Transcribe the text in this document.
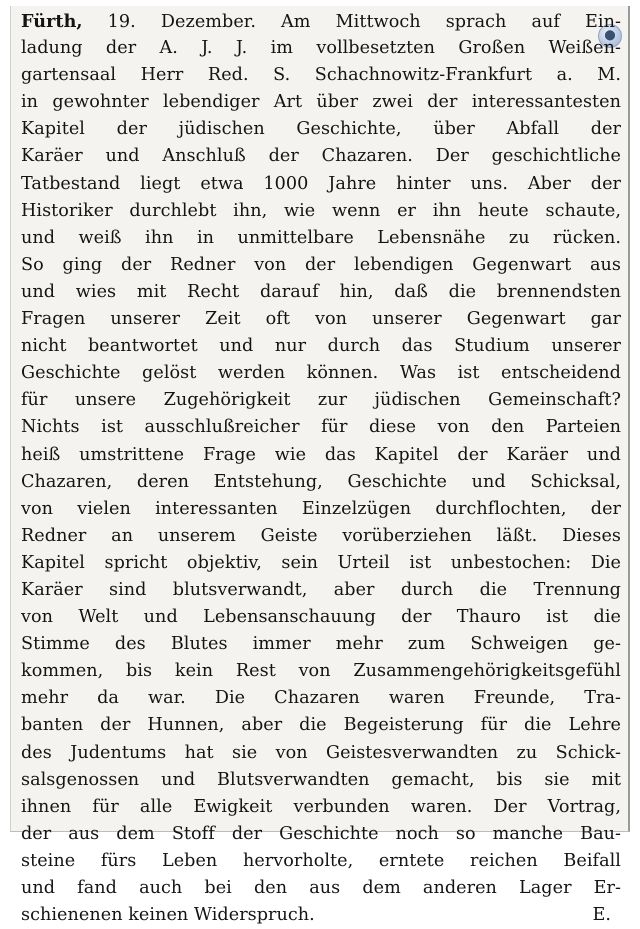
⬤
Fürth, 19. Dezember. Am Mittwoch sprach auf Ein-
ladung der A. J. J. im vollbesetzten Großen Weißen-
gartensaal Herr Red. S. Schachnowitz-Frankfurt a. M.
in gewohnter lebendiger Art über zwei der interessantesten
Kapitel der jüdischen Geschichte, über Abfall der
Karäer und Anschluß der Chazaren. Der geschichtliche
Tatbestand liegt etwa 1000 Jahre hinter uns. Aber der
Historiker durchlebt ihn, wie wenn er ihn heute schaute,
und weiß ihn in unmittelbare Lebensnähe zu rücken.
So ging der Redner von der lebendigen Gegenwart aus
und wies mit Recht darauf hin, daß die brennendsten
Fragen unserer Zeit oft von unserer Gegenwart gar
nicht beantwortet und nur durch das Studium unserer
Geschichte gelöst werden können. Was ist entscheidend
für unsere Zugehörigkeit zur jüdischen Gemeinschaft?
Nichts ist ausschlußreicher für diese von den Parteien
heiß umstrittene Frage wie das Kapitel der Karäer und
Chazaren, deren Entstehung, Geschichte und Schicksal,
von vielen interessanten Einzelzügen durchflochten, der
Redner an unserem Geiste vorüberziehen läßt. Dieses
Kapitel spricht objektiv, sein Urteil ist unbestochen: Die
Karäer sind blutsverwandt, aber durch die Trennung
von Welt und Lebensanschauung der Thauro ist die
Stimme des Blutes immer mehr zum Schweigen ge-
kommen, bis kein Rest von Zusammengehörigkeitsgefühl
mehr da war. Die Chazaren waren Freunde, Tra-
banten der Hunnen, aber die Begeisterung für die Lehre
des Judentums hat sie von Geistesverwandten zu Schick-
salsgenossen und Blutsverwandten gemacht, bis sie mit
ihnen für alle Ewigkeit verbunden waren. Der Vortrag,
der aus dem Stoff der Geschichte noch so manche Bau-
steine fürs Leben hervorholte, erntete reichen Beifall
und fand auch bei den aus dem anderen Lager Er-
schienenen keinen Widerspruch.	E.
